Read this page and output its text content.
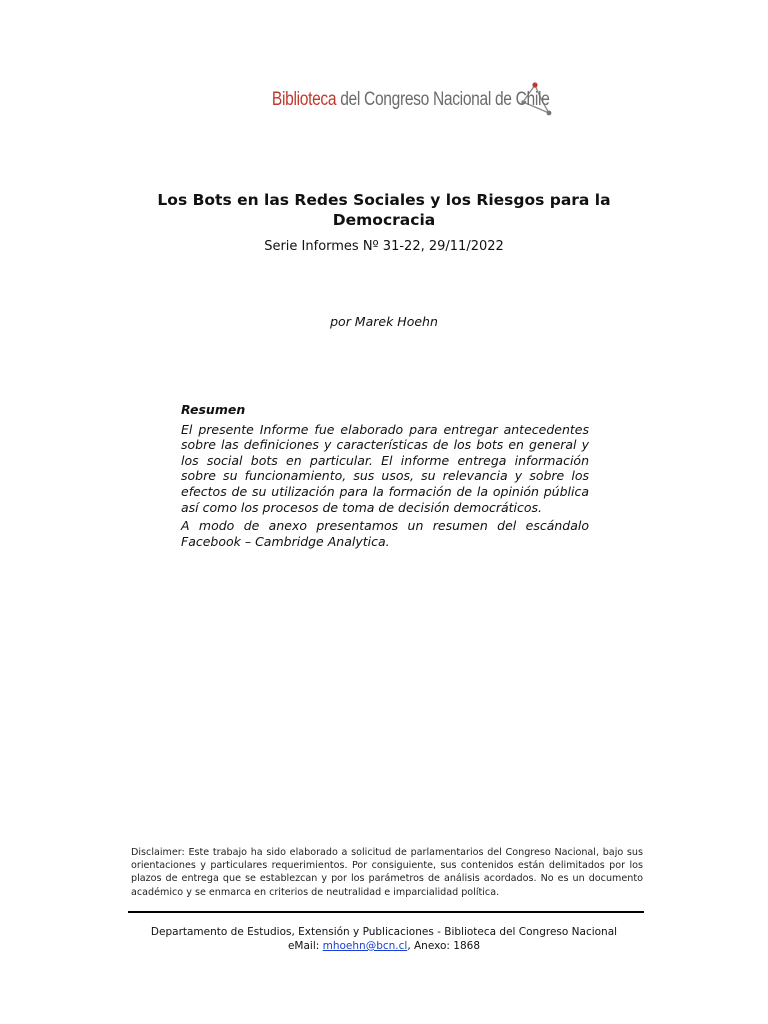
Biblioteca del Congreso Nacional de Chile
Los Bots en las Redes Sociales y los Riesgos para la Democracia
Serie Informes Nº 31-22, 29/11/2022
por Marek Hoehn
Resumen

El presente Informe fue elaborado para entregar antecedentes sobre las definiciones y características de los bots en general y los social bots en particular. El informe entrega información sobre su funcionamiento, sus usos, su relevancia y sobre los efectos de su utilización para la formación de la opinión pública así como los procesos de toma de decisión democráticos.

A modo de anexo presentamos un resumen del escándalo Facebook – Cambridge Analytica.

Disclaimer: Este trabajo ha sido elaborado a solicitud de parlamentarios del Congreso Nacional, bajo sus orientaciones y particulares requerimientos. Por consiguiente, sus contenidos están delimitados por los plazos de entrega que se establezcan y por los parámetros de análisis acordados. No es un documento académico y se enmarca en criterios de neutralidad e imparcialidad política.
Departamento de Estudios, Extensión y Publicaciones - Biblioteca del Congreso Nacional
eMail: mhoehn@bcn.cl, Anexo: 1868
